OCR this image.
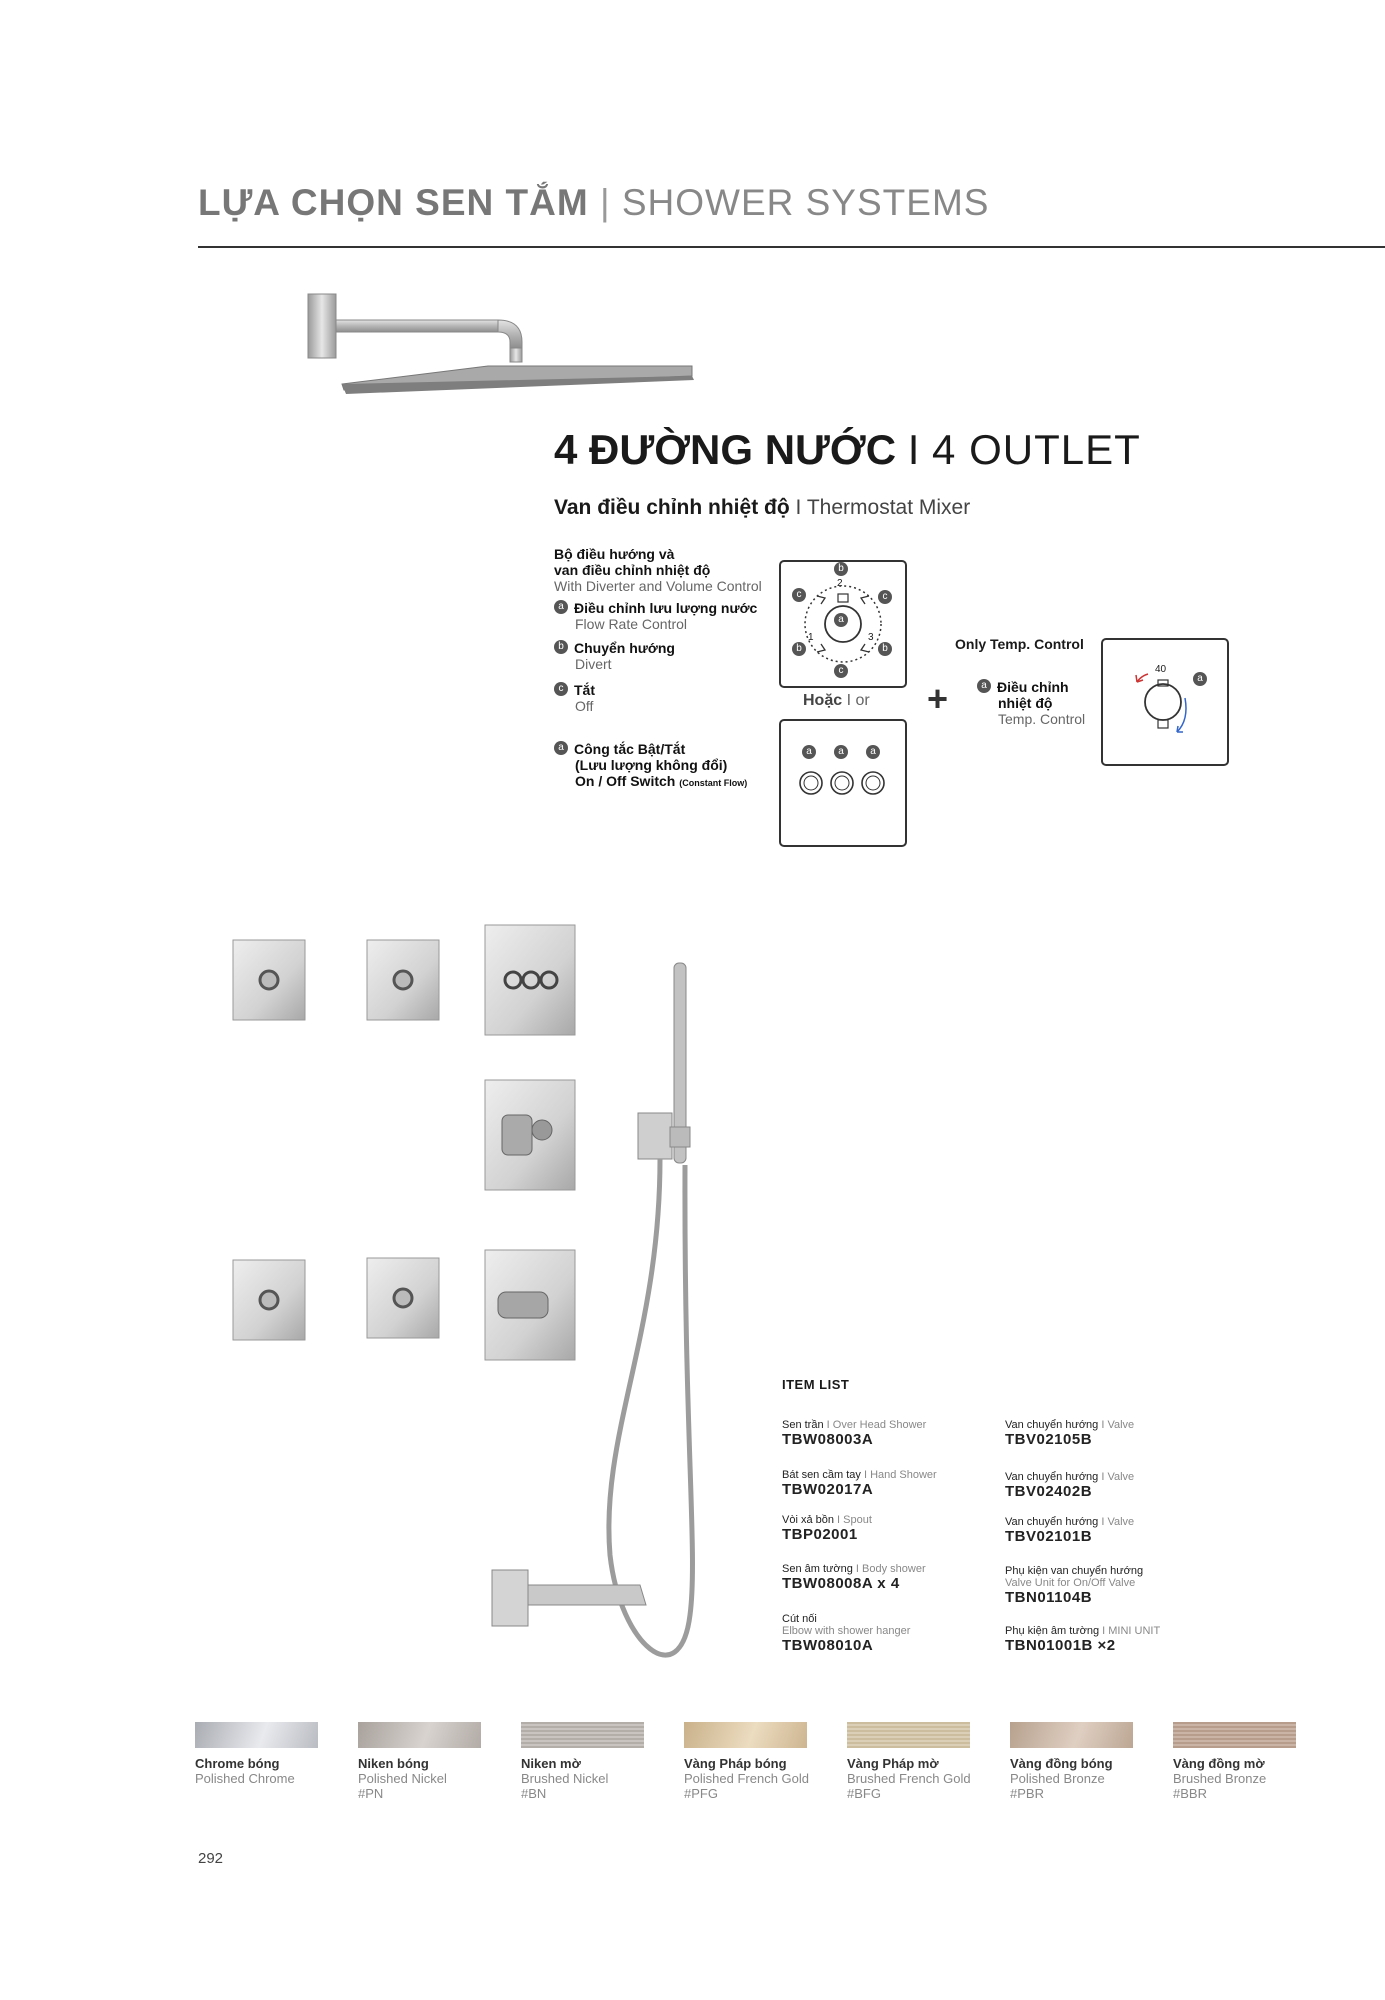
LỰA CHỌN SEN TẮM | SHOWER SYSTEMS
4 ĐƯỜNG NƯỚC I 4 OUTLET
Van điều chỉnh nhiệt độ I Thermostat Mixer
Bộ điều hướng và
van điều chỉnh nhiệt độ
With Diverter and Volume Control
a Điều chỉnh lưu lượng nước
Flow Rate Control
b Chuyển hướng
Divert
c Tắt
Off
a Công tắc Bật/Tắt
(Lưu lượng không đổi)
On / Off Switch (Constant Flow)
b
c	c
a
b	b
c
2
1	3
Hoặc I or
a	a	a
+
Only Temp. Control
a Điều chỉnh
nhiệt độ
Temp. Control
40
a
ITEM LIST
Sen trần I Over Head Shower
TBW08003A
Bát sen cầm tay I Hand Shower
TBW02017A
Vòi xả bồn I Spout
TBP02001
Sen âm tường I Body shower
TBW08008A x 4
Cút nối
Elbow with shower hanger
TBW08010A
Van chuyển hướng I Valve
TBV02105B
Van chuyển hướng I Valve
TBV02402B
Van chuyển hướng I Valve
TBV02101B
Phụ kiện van chuyển hướng
Valve Unit for On/Off Valve
TBN01104B
Phụ kiện âm tường I MINI UNIT
TBN01001B ×2
Chrome bóng
Polished Chrome
Niken bóng
Polished Nickel
#PN
Niken mờ
Brushed Nickel
#BN
Vàng Pháp bóng
Polished French Gold
#PFG
Vàng Pháp mờ
Brushed French Gold
#BFG
Vàng đồng bóng
Polished Bronze
#PBR
Vàng đồng mờ
Brushed Bronze
#BBR
292
